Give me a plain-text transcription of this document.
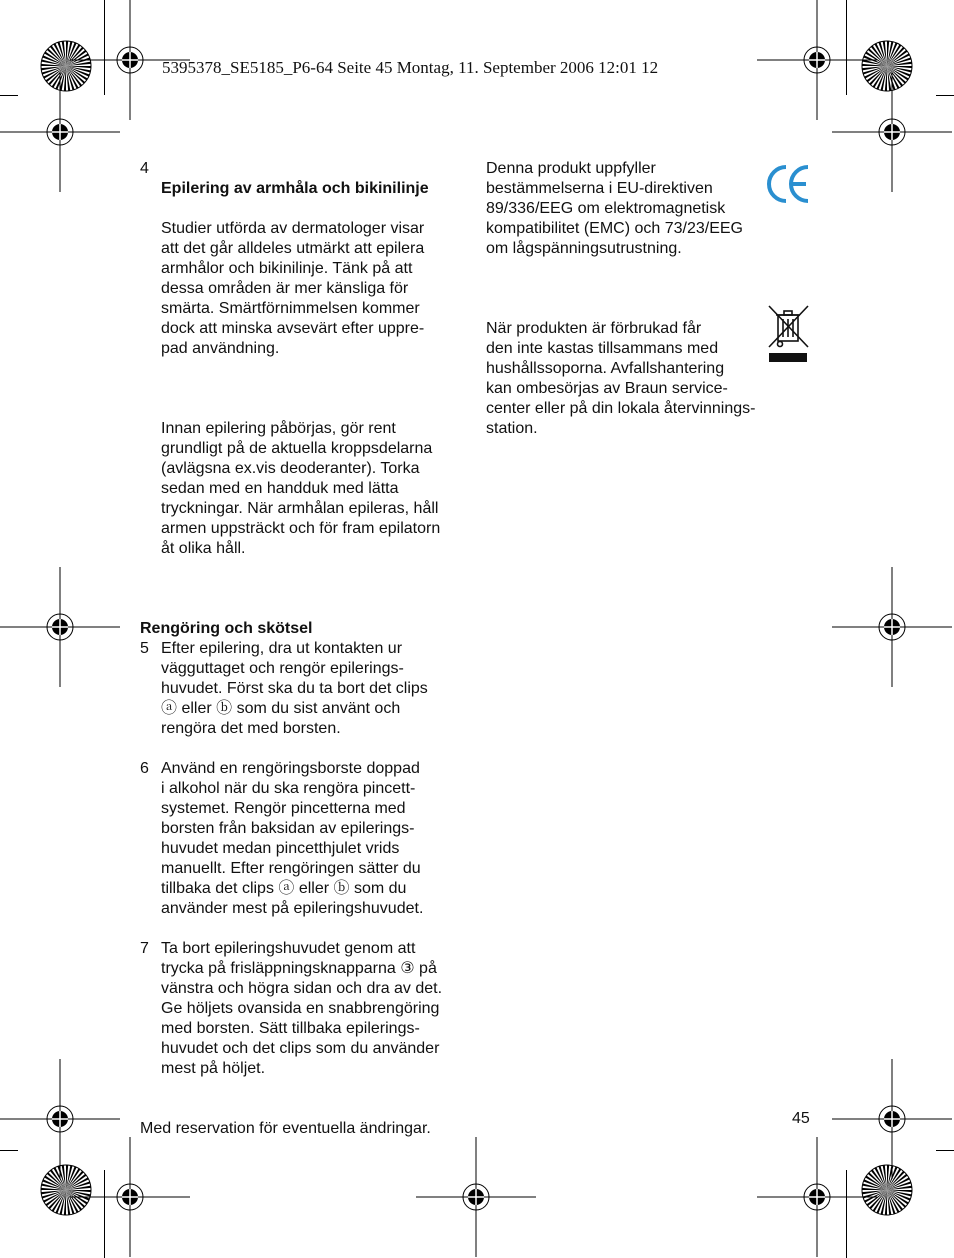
5395378_SE5185_P6-64 Seite 45 Montag, 11. September 2006 12:01 12
4

Epilering av armhåla och bikinilinje

Studier utförda av dermatologer visar
att det går alldeles utmärkt att epilera
armhålor och bikinilinje. Tänk på att
dessa områden är mer känsliga för
smärta. Smärtförnimmelsen kommer
dock att minska avsevärt efter uppre-
pad användning.

Innan epilering påbörjas, gör rent
grundligt på de aktuella kroppsdelarna
(avlägsna ex.vis deoderanter). Torka
sedan med en handduk med lätta
tryckningar. När armhålan epileras, håll
armen uppsträckt och för fram epilatorn
åt olika håll.

Rengöring och skötsel

5 Efter epilering, dra ut kontakten ur
vägguttaget och rengör epilerings-
huvudet. Först ska du ta bort det clips
ⓐ eller ⓑ som du sist använt och
rengöra det med borsten.
6 Använd en rengöringsborste doppad
i alkohol när du ska rengöra pincett-
systemet. Rengör pincetterna med
borsten från baksidan av epilerings-
huvudet medan pincetthjulet vrids
manuellt. Efter rengöringen sätter du
tillbaka det clips ⓐ eller ⓑ som du
använder mest på epileringshuvudet.
7 Ta bort epileringshuvudet genom att
trycka på frisläppningsknapparna ③ på
vänstra och högra sidan och dra av det.
Ge höljets ovansida en snabbrengöring
med borsten. Sätt tillbaka epilerings-
huvudet och det clips som du använder
mest på höljet.

Med reservation för eventuella ändringar.

Denna produkt uppfyller
bestämmelserna i EU-direktiven
89/336/EEG om elektromagnetisk
kompatibilitet (EMC) och 73/23/EEG
om lågspänningsutrustning.

När produkten är förbrukad får
den inte kastas tillsammans med
hushållssoporna. Avfallshantering
kan ombesörjas av Braun service-
center eller på din lokala återvinnings-
station.

45
